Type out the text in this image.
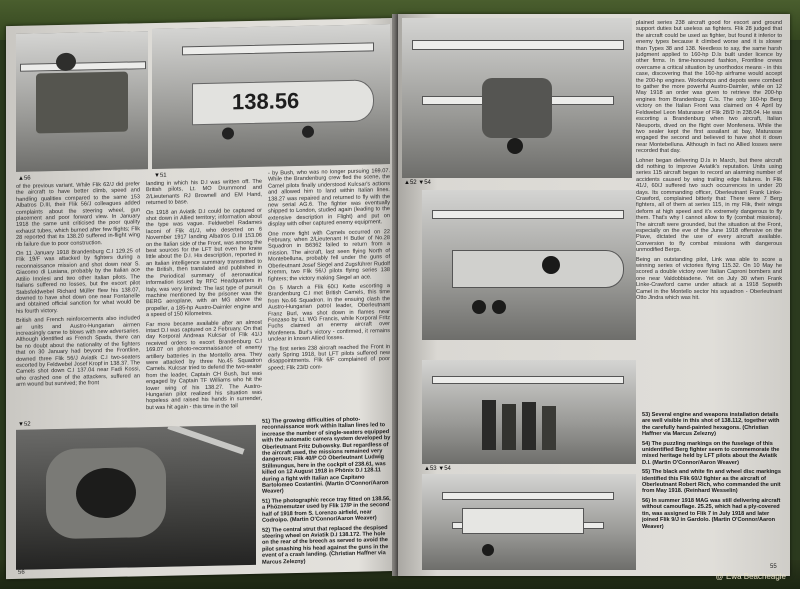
▲56
138.56
▼51

of the previous variant. While Flik 62/J did prefer the aircraft to have better climb, speed and handling qualities compared to the same 153 Albatros D.III, their Flik 56/J colleagues added complaints about the steering wheel, gun placement and poor forward view. In January 1918 the same unit criticised the poor quality exhaust tubes, which burned after few flights; Flik 28 reported that its 138.20 suffered in-flight wing rib failure due to poor construction.

On 11 January 1918 Brandenburg C.I 129.25 of Flik 19/F was attacked by fighters during a reconnaissance mission and shot down near S. Giacomo di Lusiana, probably by the Italian ace Attilio Imolesi and two other Italian pilots. The Italians suffered no losses, but the escort pilot Stabsfeldwebel Richard Müller flew his 138.07, downed to have shot down one near Fontanelle and obtained official sanction for what would be his fourth victory.

British and French reinforcements also included air units and Austro-Hungarian airmen increasingly came to blows with new adversaries. Although identified as French Spads, there can be no doubt about the nationality of the fighters that on 30 January had beyond the Frontline, downed three Flik 56/J Aviatik C.I two-seaters escorted by Feldwebel Josef Kropf in 138.37. The Camels shot down C.I 137.04 near Fadi Kossi, who crashed one of the attackers, suffered an arm wound but survived; the front

landing in which his D.I was written off. The British pilots, Lt. MO Drummond and 2/Lieutenants RJ Brownell and EM Hand, returned to base.

On 1918 an Aviatik D.I could be captured or shot down in Allied territory; information about the type was vague. Feldwebel Radames Iaconi of Flik 41/J, who deserted on 6 November 1917 landing Albatros D.III 153.06 on the Italian side of the Front, was among the best sources for the LFT but even he knew little about the D.I. His description, reported in an Italian intelligence summary transmitted to the British, then translated and published in the Periodical summary of aeronautical information issued by RFC Headquarters in Italy, was very limited: The last type of pursuit machine mentioned by the prisoner was the BERG aeroplane, with an MG above the propeller, a 185-hp Austro-Daimler engine and a speed of 150 Kilometres.

Far more became available after an almost intact D.I was captured on 2 February. On that day Korporal Andreas Kulcsar of Flik 41/J received orders to escort Brandenburg C.I 169.07 on photo-reconnaissance of enemy artillery batteries in the Montello area. They were attacked by three No.45 Squadron Camels. Kulcsar tried to defend the two-seater from the leader, Captain CH Bush, but was engaged by Captain TF Williams who hit the lower wing of his 138.27. The Austro-Hungarian pilot realized his situation was hopeless and raised his hands in surrender, but was hit again - this time in the tail

- by Bush, who was no longer pursuing 169.07. While the Brandenburg crew fled the scene, the Camel pilots finally understood Kulcsar's actions and allowed him to land within Italian lines. 138.27 was repaired and returned to fly with the new serial AG.6. The fighter was eventually shipped to London, studied again (leading to the extensive description in Flight) and put on display with other captured enemy equipment.

One more fight with Camels occurred on 22 February, when 2/Lieutenant H Butler of No.28 Squadron in B6362 failed to return from a mission. The aircraft, last seen flying North of Montebelluna, probably fell under the guns of Oberleutnant Josef Siegel and Zugsführer Rudolf Kremm, two Flik 56/J pilots flying series 138 fighters; the victory making Siegel an ace.

On 5 March a Flik 60/J Kette escorting a Brandenburg C.I met British Camels, this time from No.66 Squadron. In the ensuing clash the Austro-Hungarian patrol leader, Oberleutnant Franz Burl, was shot down in flames near Fonzaso by Lt. WG Francis, while Korporal Fritz Fuchs claimed an enemy aircraft over Monfenera. Burl's victory - confirmed, it remains unclear in known Allied losses.

The first series 238 aircraft reached the Front in early Spring 1918, but LFT pilots suffered new disappointments. Flik 6/F complained of poor speed; Flik 23/D com-

▼52	51) The growing difficulties of photo-reconnaissance work within Italian lines led to increase the number of single-seaters equipped with the automatic camera system developed by Oberleutnant Fritz Dubowsky. But regardless of the aircraft used, the missions remained very dangerous; Flik 40/P CO Oberleutnant Ludwig Stillmungus, here in the cockpit of 238.61, was killed on 12 August 1918 in Phönix D.I 128.11 during a fight with Italian ace Capitano Bartolomeo Costantini. (Martin O'Connor/Aaron Weaver)

51) The photographic recce tray fitted on 138.56, a Phöznemutzer used by Flik 17/P in the second half of 1918 from S. Lorenzo airfield, near Codroipo. (Martin O'Connor/Aaron Weaver)

52) The central strut that replaced the despised steering wheel on Aviatik D.I 138.172. The hole on the rear of the breech as served to avoid the pilot smashing his head against the guns in the event of a crash landing. (Christian Haffner via Marcus Zelezny)

56
▲52 ▼54

plained series 238 aircraft good for escort and ground support duties but useless as fighters. Flik 28 judged that the aircraft could be used as fighter, but found it inferior to enemy types because it climbed worse and it is slower than Types 38 and 138. Needless to say, the same harsh judgment applied to 160-hp D.Is built under licence by other firms. In time-honoured fashion, Frontline crews overcame a critical situation by unorthodox means - in this case, discovering that the 160-hp airframe would accept the 200-hp engines. Workshops and depots were combed to gather the more powerful Austro-Daimler, while on 12 May 1918 an order was given to retrieve the 200-hp engines from Brandenburg C.Is. The only 160-hp Berg victory on the Italian Front was claimed on 4 April by Feldwebel Leon Maturasse of Flik 28/D in 238.04. He was escorting a Brandenburg when two aircraft, Italian Nieuports, dived on the flight over Monfenera. While the two sealer kept the first assailant at bay, Maturasse engaged the second and believed to have shot it down near Montebelluna. Although in fact no Allied losses were recorded that day.

Lohner began delivering D.Is in March, but there aircraft did nothing to improve Aviatik's reputation. Units using series 115 aircraft began to record an alarming number of accidents caused by wing trailing edge failures. In Flik 41/J, 60/J suffered two such occurrences in under 20 days. Its commanding officer, Oberleutnant Frank Linke-Crawford, complained bitterly that: There were 7 Berg fighters, all of them at series 115, in my Flik, their wings deform at high speed and it's extremely dangerous to fly them. That's why I cannot allow to fly (combat missions). The aircraft were grounded, but the situation at the Front, especially on the eve of the June 1918 offensive on the Piave, dictated the use of every aircraft available. Conversion to fly combat missions with dangerous unmodified Bergs.

Being an outstanding pilot, Link was able to score a winning series of victories flying 115.32. On 10 May he scored a double victory over Italian Caproni bombers and one near Valdobbiadene. Yet on July 30 when Frank Linke-Crawford came under attack at a 1918 Sopwith Camel in the Montello sector his squadron - Oberleutnant Otto Jindra which was hit.

▲53 ▼54

53) Several engine and weapons installation details are well visible in this shot of 138.112, together with the carefully hand-painted hexagons. (Christian Haffner via Marcus Zelezny)

54) The puzzling markings on the fuselage of this unidentified Berg fighter seem to commemorate the mixed heritage held by LFT pilots about the Aviatik D.I. (Martin O'Connor/Aaron Weaver)

55) The black and white fin and wheel disc markings identified this Flik 60/J fighter as the aircraft of Oberleutnant Robert Rich, who commanded the unit from May 1918. (Reinhard Wesselin)

56) In summer 1918 MAG was still delivering aircraft without camouflage. 25.25, which had a ply-covered tin, was assigned to Flik 7 in July 1918 and later joined Flik 9/J in Gardolo. (Martin O'Connor/Aaron Weaver)

55
@ Ewa Beacheagle
